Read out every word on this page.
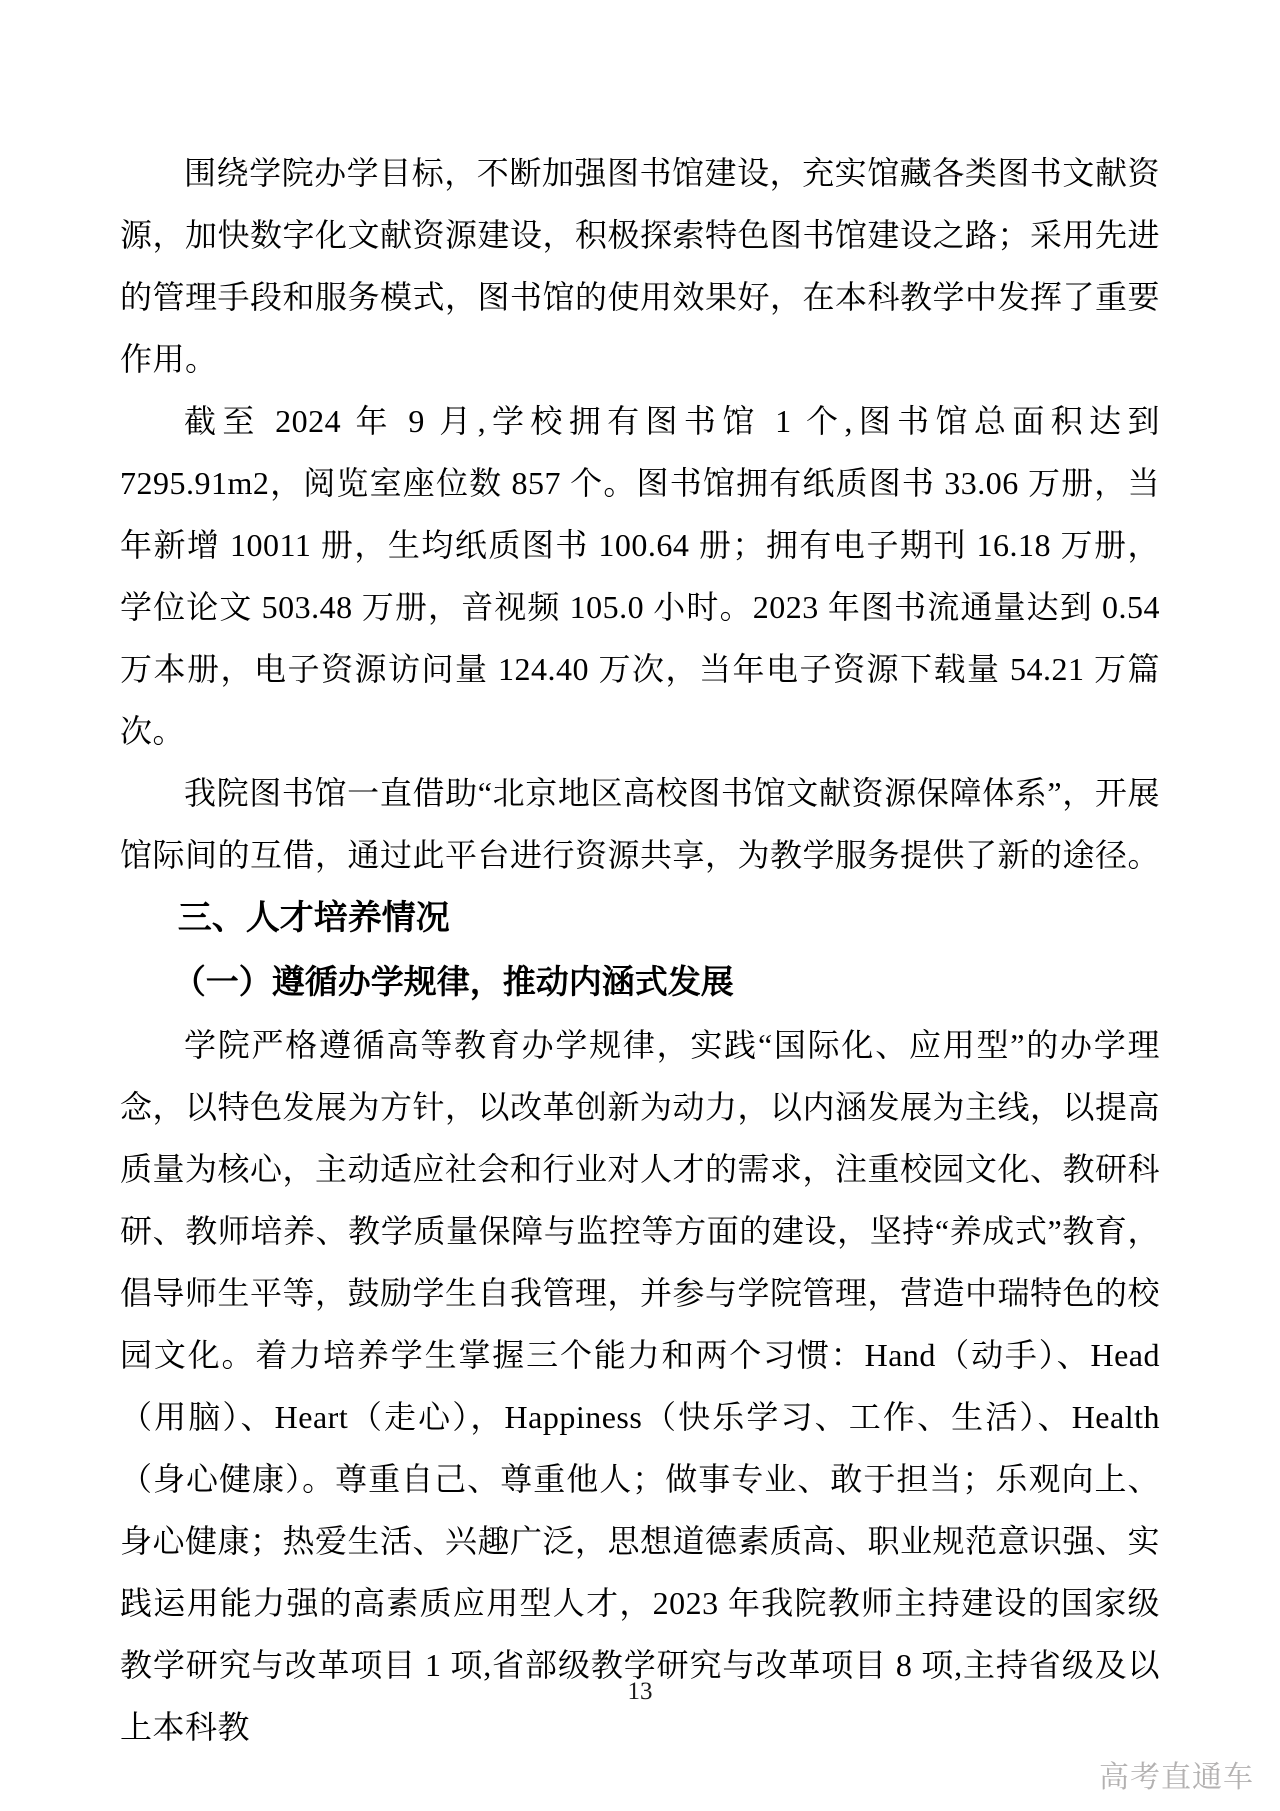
围绕学院办学目标，不断加强图书馆建设，充实馆藏各类图书文献资源，加快数字化文献资源建设，积极探索特色图书馆建设之路；采用先进的管理手段和服务模式，图书馆的使用效果好，在本科教学中发挥了重要作用。

截至 2024 年 9 月,学校拥有图书馆 1 个,图书馆总面积达到 7295.91m2，阅览室座位数 857 个。图书馆拥有纸质图书 33.06 万册，当年新增 10011 册，生均纸质图书 100.64 册；拥有电子期刊 16.18 万册，学位论文 503.48 万册，音视频 105.0 小时。2023 年图书流通量达到 0.54 万本册，电子资源访问量 124.40 万次，当年电子资源下载量 54.21 万篇次。

我院图书馆一直借助“北京地区高校图书馆文献资源保障体系”，开展馆际间的互借，通过此平台进行资源共享，为教学服务提供了新的途径。

三、人才培养情况
（一）遵循办学规律，推动内涵式发展

学院严格遵循高等教育办学规律，实践“国际化、应用型”的办学理念，以特色发展为方针，以改革创新为动力，以内涵发展为主线，以提高质量为核心，主动适应社会和行业对人才的需求，注重校园文化、教研科研、教师培养、教学质量保障与监控等方面的建设，坚持“养成式”教育，倡导师生平等，鼓励学生自我管理，并参与学院管理，营造中瑞特色的校园文化。着力培养学生掌握三个能力和两个习惯：Hand（动手）、Head（用脑）、Heart（走心），Happiness（快乐学习、工作、生活）、Health（身心健康）。尊重自己、尊重他人；做事专业、敢于担当；乐观向上、身心健康；热爱生活、兴趣广泛，思想道德素质高、职业规范意识强、实践运用能力强的高素质应用型人才，2023 年我院教师主持建设的国家级教学研究与改革项目 1 项,省部级教学研究与改革项目 8 项,主持省级及以上本科教

13
高考直通车
